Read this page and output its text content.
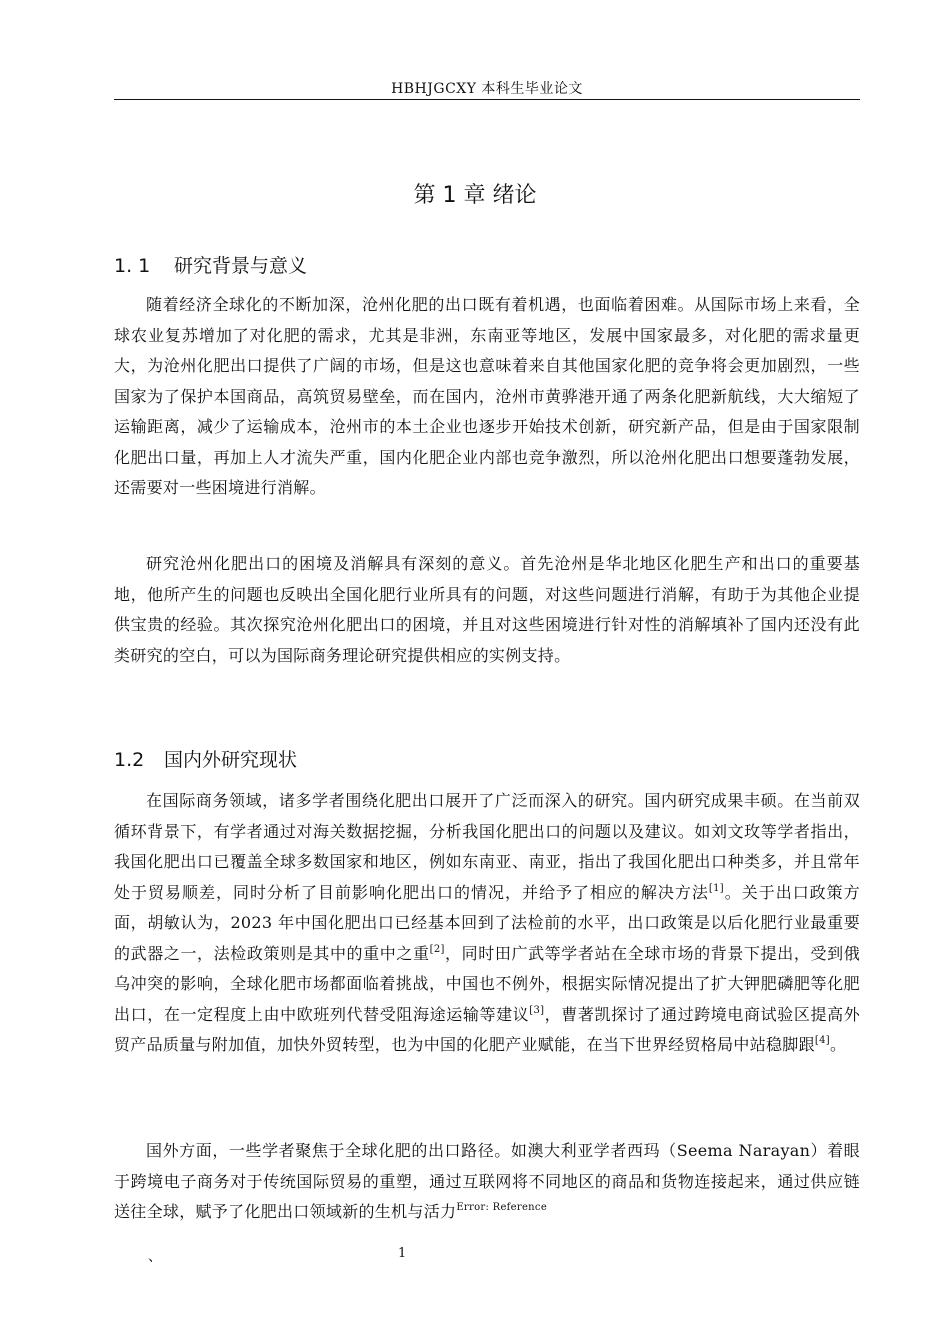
HBHJGCXY 本科生毕业论文
第 1 章 绪论
1. 1 研究背景与意义
随着经济全球化的不断加深，沧州化肥的出口既有着机遇，也面临着困难。从国际市场上来看，全球农业复苏增加了对化肥的需求，尤其是非洲，东南亚等地区，发展中国家最多，对化肥的需求量更大，为沧州化肥出口提供了广阔的市场，但是这也意味着来自其他国家化肥的竞争将会更加剧烈，一些国家为了保护本国商品，高筑贸易壁垒，而在国内，沧州市黄骅港开通了两条化肥新航线，大大缩短了运输距离，减少了运输成本，沧州市的本土企业也逐步开始技术创新，研究新产品，但是由于国家限制化肥出口量，再加上人才流失严重，国内化肥企业内部也竞争激烈，所以沧州化肥出口想要蓬勃发展，还需要对一些困境进行消解。
研究沧州化肥出口的困境及消解具有深刻的意义。首先沧州是华北地区化肥生产和出口的重要基地，他所产生的问题也反映出全国化肥行业所具有的问题，对这些问题进行消解，有助于为其他企业提供宝贵的经验。其次探究沧州化肥出口的困境，并且对这些困境进行针对性的消解填补了国内还没有此类研究的空白，可以为国际商务理论研究提供相应的实例支持。
1.2 国内外研究现状
在国际商务领域，诸多学者围绕化肥出口展开了广泛而深入的研究。国内研究成果丰硕。在当前双循环背景下，有学者通过对海关数据挖掘，分析我国化肥出口的问题以及建议。如刘文玫等学者指出，我国化肥出口已覆盖全球多数国家和地区，例如东南亚、南亚，指出了我国化肥出口种类多，并且常年处于贸易顺差，同时分析了目前影响化肥出口的情况，并给予了相应的解决方法[1]。关于出口政策方面，胡敏认为，2023 年中国化肥出口已经基本回到了法检前的水平，出口政策是以后化肥行业最重要的武器之一，法检政策则是其中的重中之重[2]，同时田广武等学者站在全球市场的背景下提出，受到俄乌冲突的影响，全球化肥市场都面临着挑战，中国也不例外，根据实际情况提出了扩大钾肥磷肥等化肥出口，在一定程度上由中欧班列代替受阻海途运输等建议[3]，曹著凯探讨了通过跨境电商试验区提高外贸产品质量与附加值，加快外贸转型，也为中国的化肥产业赋能，在当下世界经贸格局中站稳脚跟[4]。
国外方面，一些学者聚焦于全球化肥的出口路径。如澳大利亚学者西玛（Seema Narayan）着眼于跨境电子商务对于传统国际贸易的重塑，通过互联网将不同地区的商品和货物连接起来，通过供应链送往全球，赋予了化肥出口领域新的生机与活力$^{Error: Reference}$
、	1
